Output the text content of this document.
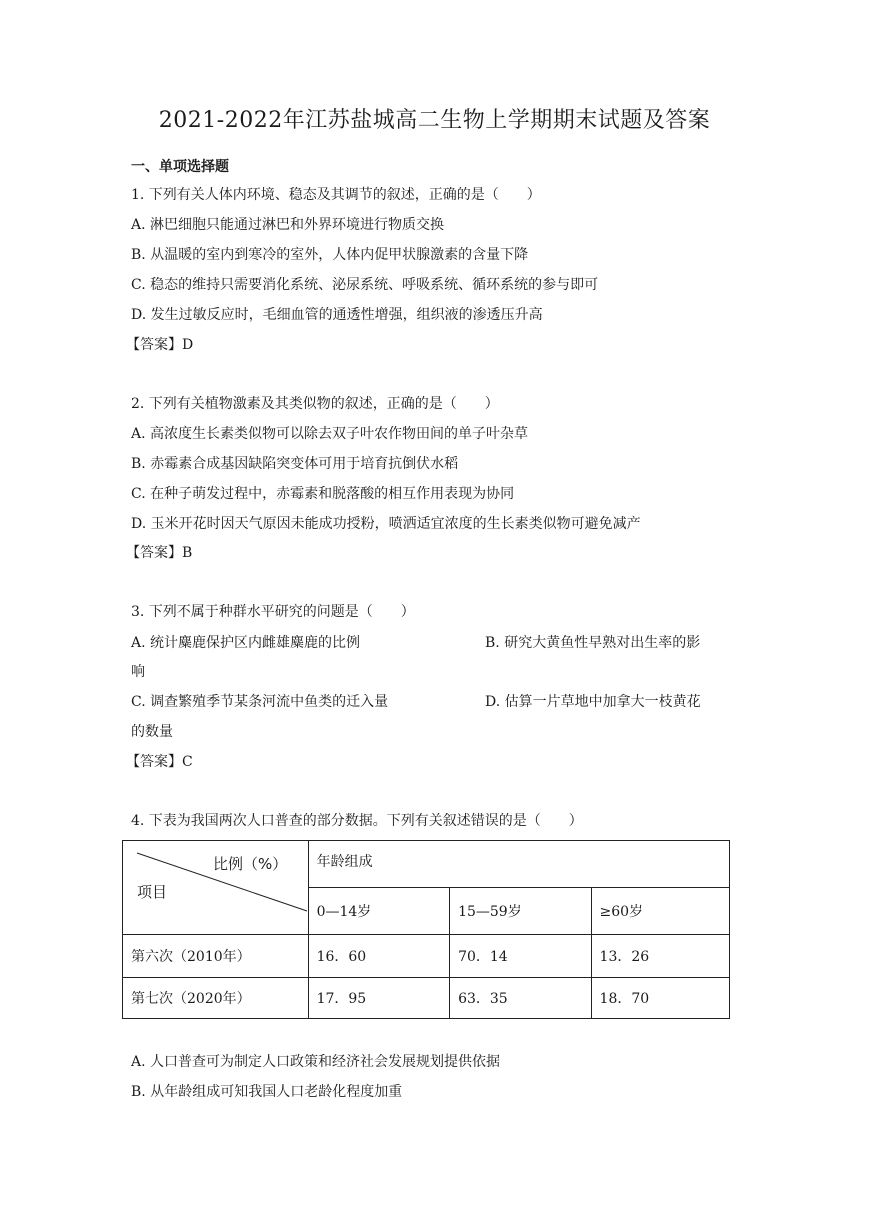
2021-2022年江苏盐城高二生物上学期期末试题及答案
一、单项选择题
1. 下列有关人体内环境、稳态及其调节的叙述，正确的是（　　）
A. 淋巴细胞只能通过淋巴和外界环境进行物质交换
B. 从温暖的室内到寒冷的室外，人体内促甲状腺激素的含量下降
C. 稳态的维持只需要消化系统、泌尿系统、呼吸系统、循环系统的参与即可
D. 发生过敏反应时，毛细血管的通透性增强，组织液的渗透压升高
【答案】D
2. 下列有关植物激素及其类似物的叙述，正确的是（　　）
A. 高浓度生长素类似物可以除去双子叶农作物田间的单子叶杂草
B. 赤霉素合成基因缺陷突变体可用于培育抗倒伏水稻
C. 在种子萌发过程中，赤霉素和脱落酸的相互作用表现为协同
D. 玉米开花时因天气原因未能成功授粉，喷洒适宜浓度的生长素类似物可避免减产
【答案】B
3. 下列不属于种群水平研究的问题是（　　）
A. 统计麋鹿保护区内雌雄麋鹿的比例	B. 研究大黄鱼性早熟对出生率的影
响
C. 调查繁殖季节某条河流中鱼类的迁入量	D. 估算一片草地中加拿大一枝黄花
的数量
【答案】C
4. 下表为我国两次人口普查的部分数据。下列有关叙述错误的是（　　）
比例（%）
项目	年龄组成		
	0—14岁	15—59岁	≥60岁
第六次（2010年）	16．60	70．14	13．26
第七次（2020年）	17．95	63．35	18．70
A. 人口普查可为制定人口政策和经济社会发展规划提供依据
B. 从年龄组成可知我国人口老龄化程度加重
